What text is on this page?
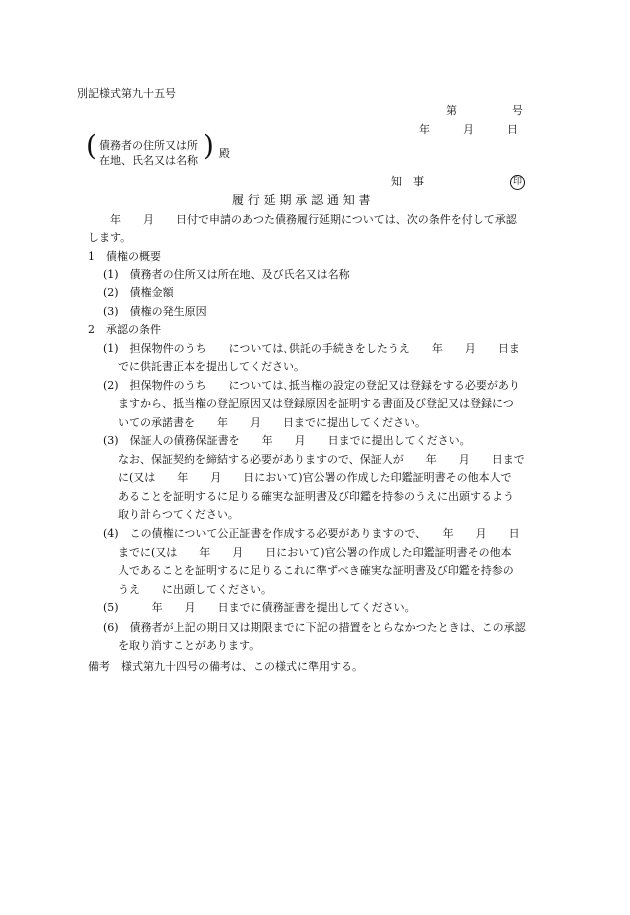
別記様式第九十五号
第　　　　　号
年　　　月　　　日
( 債務者の住所又は所
在地、氏名又は名称 ) 殿
知　事	印
履 行 延 期 承 認 通 知 書
　　年　　月　　日付で申請のあつた債務履行延期については、次の条件を付して承認
します。
1　債権の概要
(1)　債務者の住所又は所在地、及び氏名又は名称
(2)　債権金額
(3)　債権の発生原因
2　承認の条件
(1)　担保物件のうち　　については､供託の手続きをしたうえ　　年　　月　　日ま
でに供託書正本を提出してください。
(2)　担保物件のうち　　については､抵当権の設定の登記又は登録をする必要があり
ますから、抵当権の登記原因又は登録原因を証明する書面及び登記又は登録につ
いての承諾書を　　年　　月　　日までに提出してください。
(3)　保証人の債務保証書を　　年　　月　　日までに提出してください。
なお、保証契約を締結する必要がありますので、保証人が　　年　　月　　日まで
に(又は　　年　　月　　日において)官公署の作成した印鑑証明書その他本人で
あることを証明するに足りる確実な証明書及び印鑑を持参のうえに出頭するよう
取り計らつてください。
(4)　この債権について公正証書を作成する必要がありますので、　　年　　月　　日
までに(又は　　年　　月　　日において)官公署の作成した印鑑証明書その他本
人であることを証明するに足りるこれに準ずべき確実な証明書及び印鑑を持参の
うえ　　に出頭してください。
(5)　　　年　　月　　日までに債務証書を提出してください。
(6)　債務者が上記の期日又は期限までに下記の措置をとらなかつたときは、この承認
を取り消すことがあります。
備考　様式第九十四号の備考は、この様式に準用する。
